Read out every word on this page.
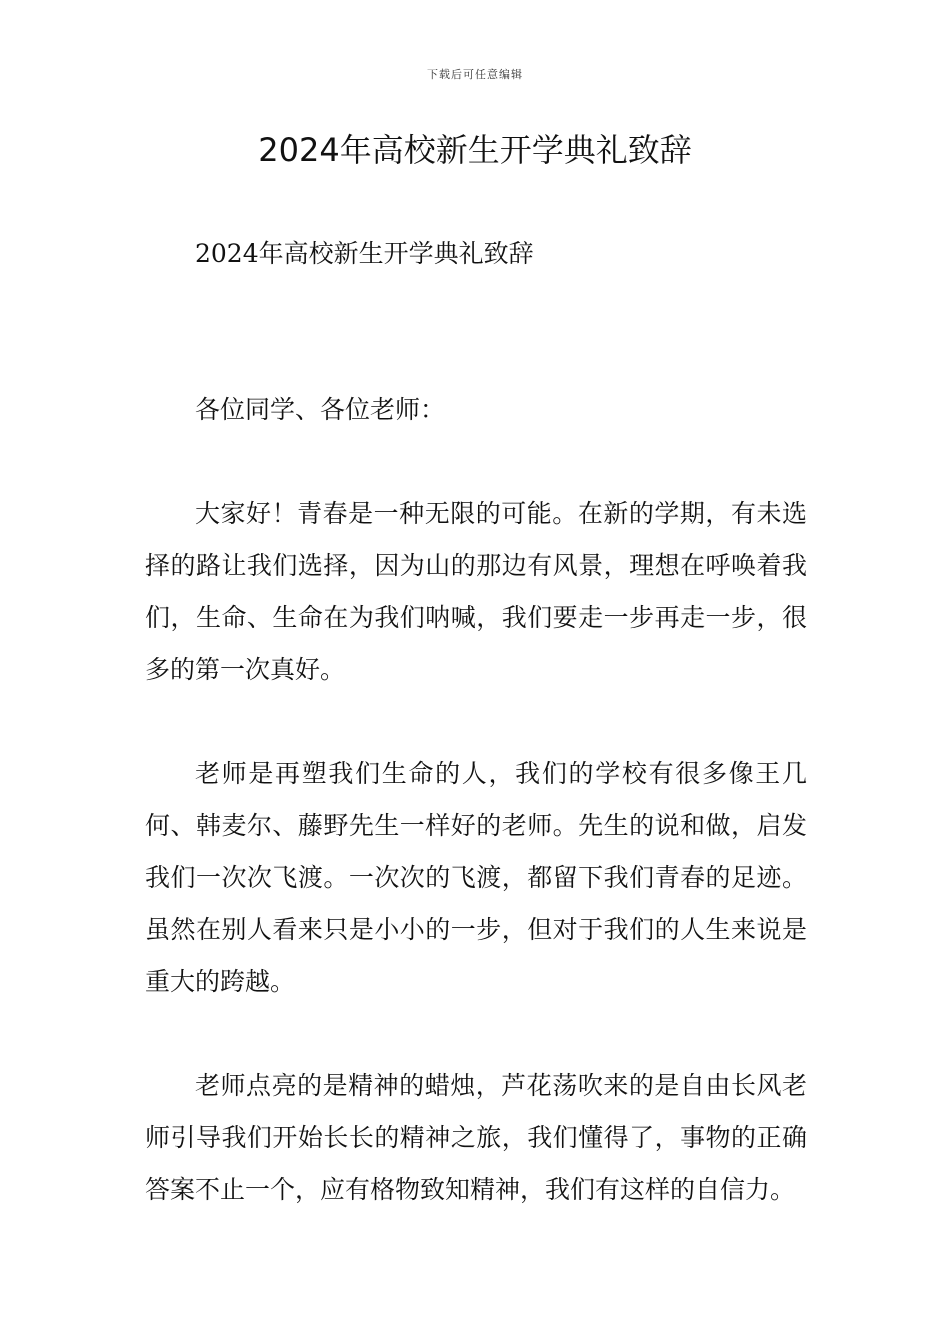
下载后可任意编辑
2024年高校新生开学典礼致辞

2024年高校新生开学典礼致辞

各位同学、各位老师：

大家好！青春是一种无限的可能。在新的学期，有未选择的路让我们选择，因为山的那边有风景，理想在呼唤着我们，生命、生命在为我们呐喊，我们要走一步再走一步，很多的第一次真好。

老师是再塑我们生命的人，我们的学校有很多像王几何、韩麦尔、藤野先生一样好的老师。先生的说和做，启发我们一次次飞渡。一次次的飞渡，都留下我们青春的足迹。虽然在别人看来只是小小的一步，但对于我们的人生来说是重大的跨越。

老师点亮的是精神的蜡烛，芦花荡吹来的是自由长风老师引导我们开始长长的精神之旅，我们懂得了，事物的正确答案不止一个，应有格物致知精神，我们有这样的自信力。
